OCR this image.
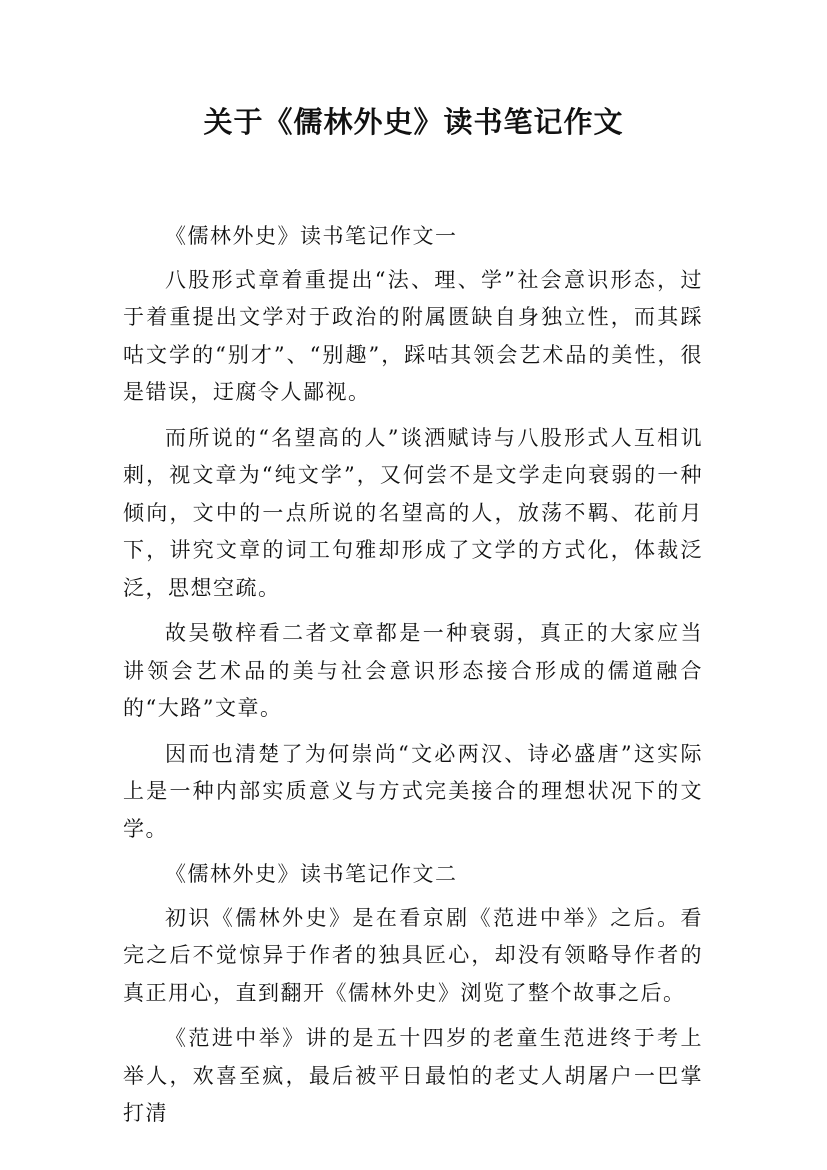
关于《儒林外史》读书笔记作文

《儒林外史》读书笔记作文一

八股形式章着重提出“法、理、学”社会意识形态，过于着重提出文学对于政治的附属匮缺自身独立性，而其踩咕文学的“别才”、“别趣”，踩咕其领会艺术品的美性，很是错误，迂腐令人鄙视。

而所说的“名望高的人”谈洒赋诗与八股形式人互相讥刺，视文章为“纯文学”，又何尝不是文学走向衰弱的一种倾向，文中的一点所说的名望高的人，放荡不羁、花前月下，讲究文章的词工句雅却形成了文学的方式化，体裁泛泛，思想空疏。

故吴敬梓看二者文章都是一种衰弱，真正的大家应当讲领会艺术品的美与社会意识形态接合形成的儒道融合的“大路”文章。

因而也清楚了为何崇尚“文必两汉、诗必盛唐”这实际上是一种内部实质意义与方式完美接合的理想状况下的文学。

《儒林外史》读书笔记作文二

初识《儒林外史》是在看京剧《范进中举》之后。看完之后不觉惊异于作者的独具匠心，却没有领略导作者的真正用心，直到翻开《儒林外史》浏览了整个故事之后。

《范进中举》讲的是五十四岁的老童生范进终于考上举人，欢喜至疯，最后被平日最怕的老丈人胡屠户一巴掌打清
